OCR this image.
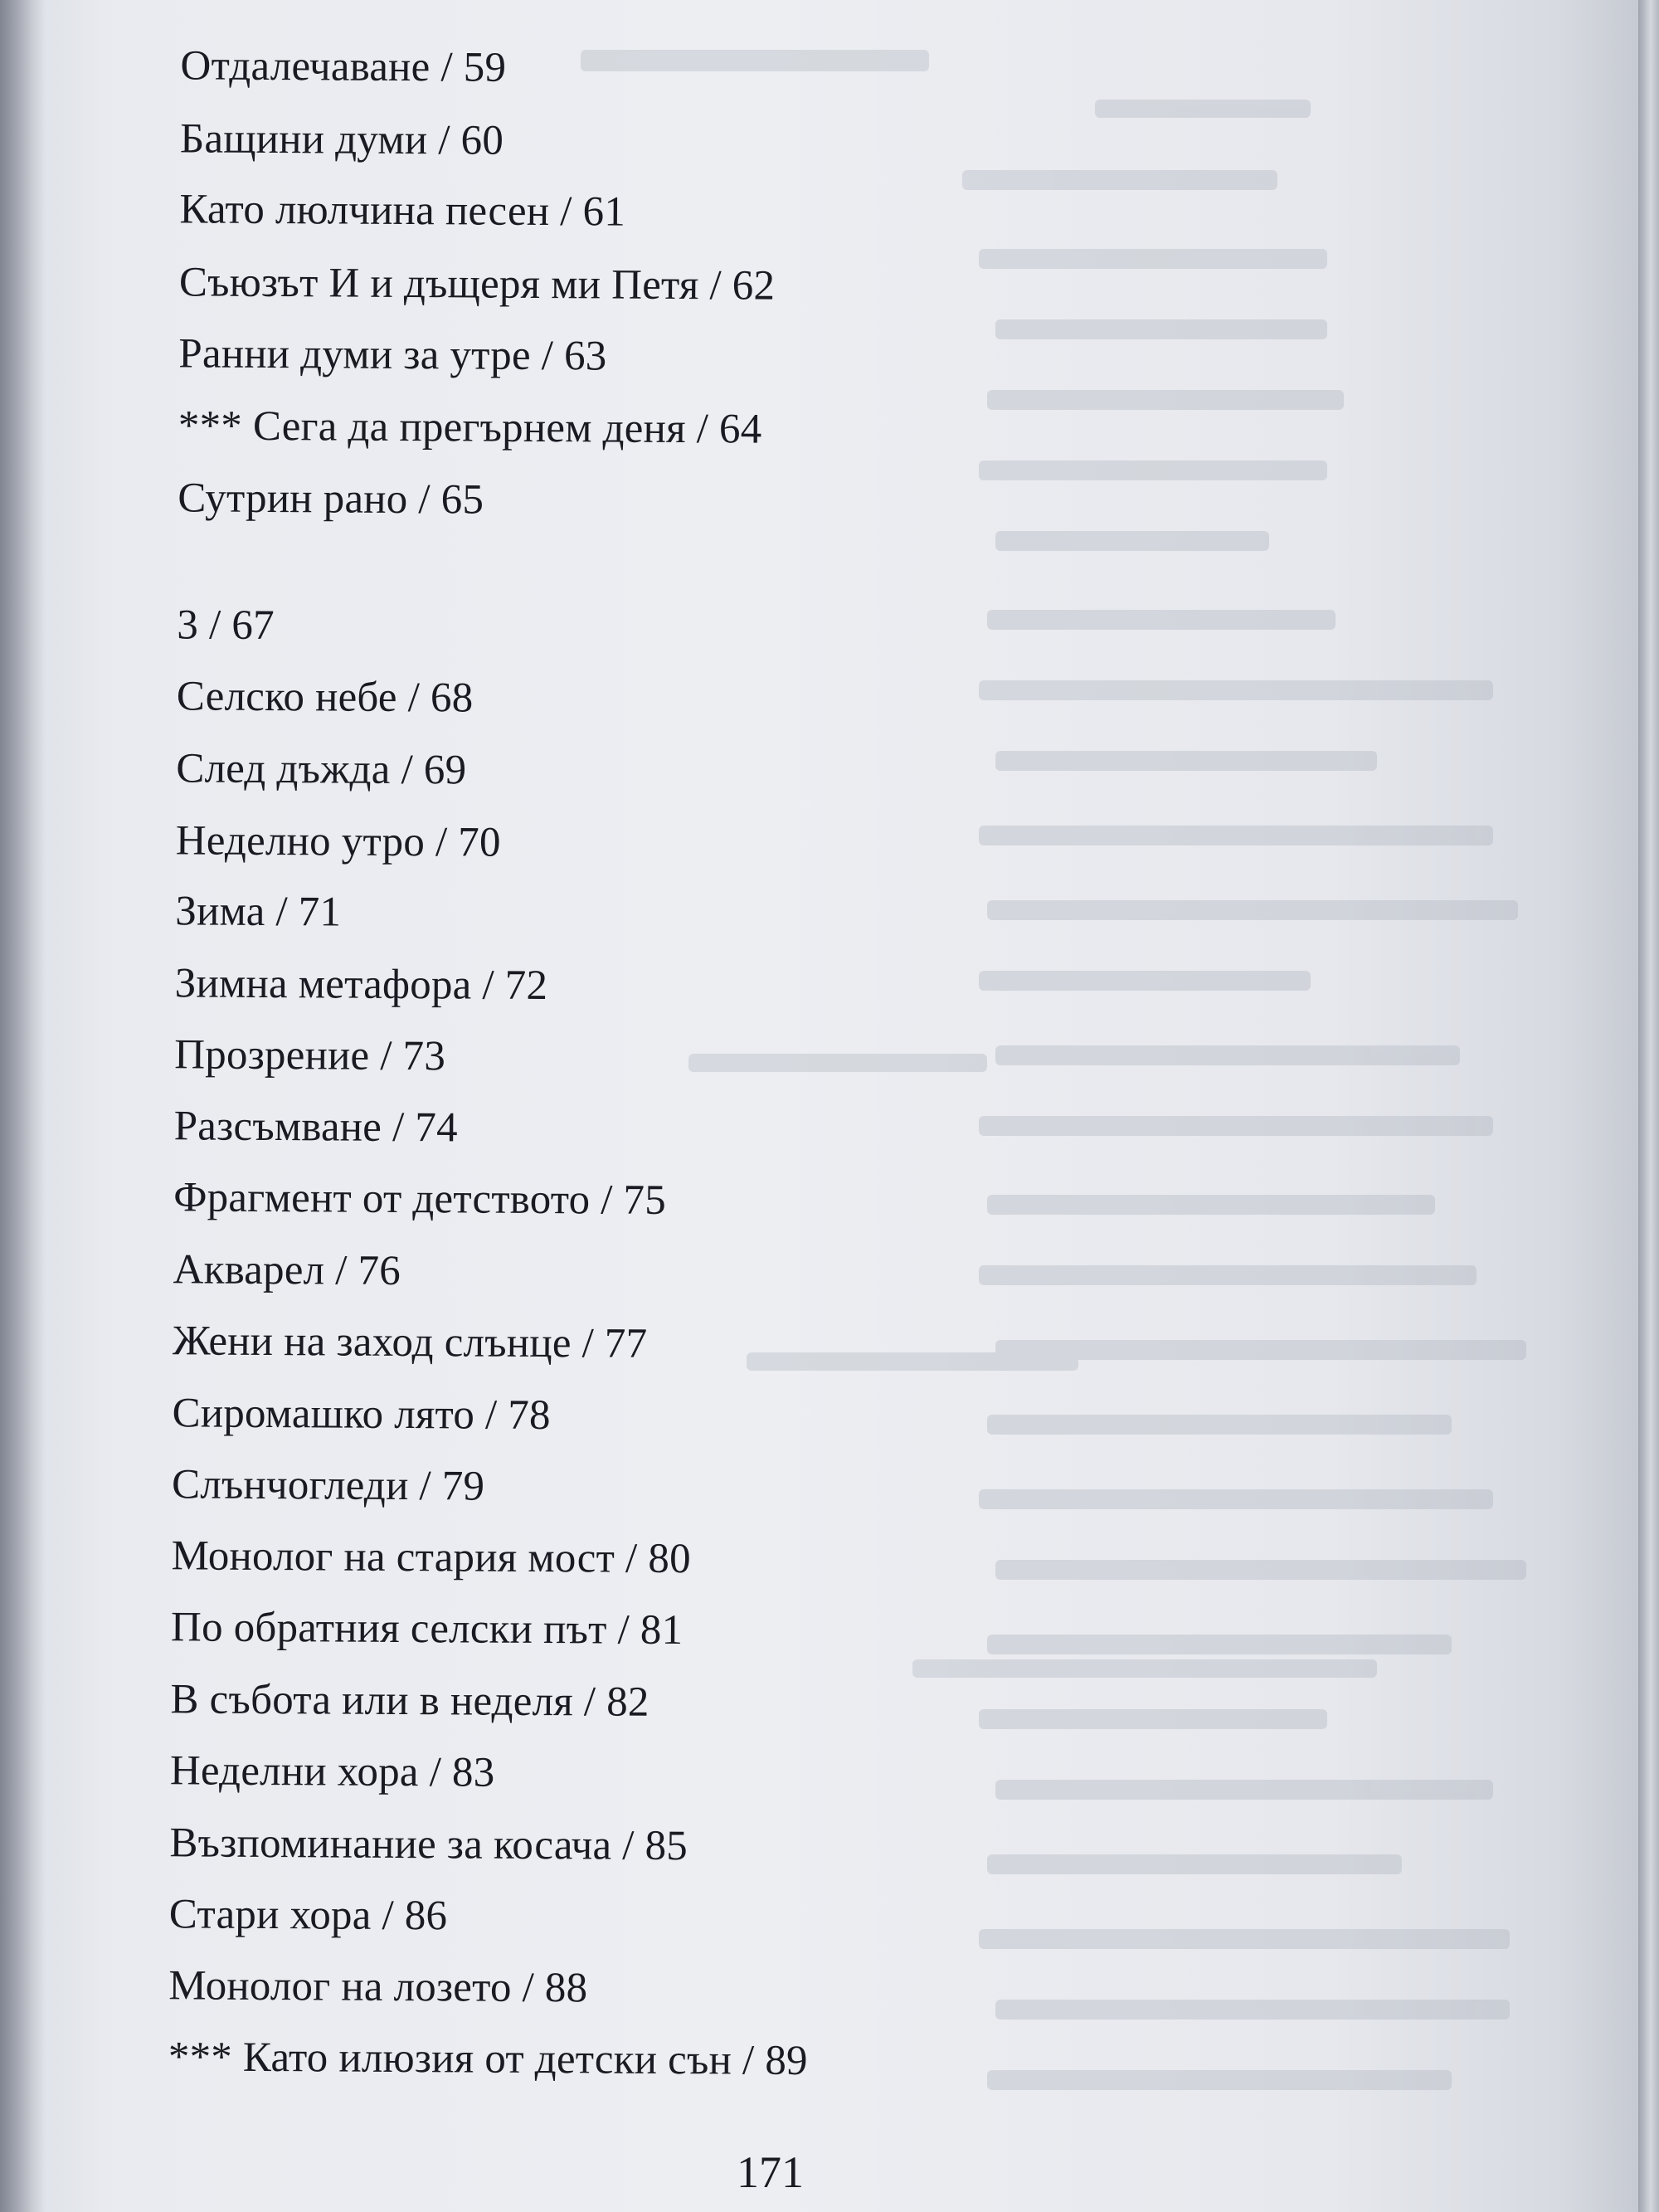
Отдалечаване / 59
Бащини думи / 60
Като люлчина песен / 61
Съюзът И и дъщеря ми Петя / 62
Ранни думи за утре / 63
*** Сега да прегърнем деня / 64
Сутрин рано / 65
3 / 67
Селско небе / 68
След дъжда / 69
Неделно утро / 70
Зима / 71
Зимна метафора / 72
Прозрение / 73
Разсъмване / 74
Фрагмент от детството / 75
Акварел / 76
Жени на заход слънце / 77
Сиромашко лято / 78
Слънчогледи / 79
Монолог на стария мост / 80
По обратния селски път / 81
В събота или в неделя / 82
Неделни хора / 83
Възпоминание за косача / 85
Стари хора / 86
Монолог на лозето / 88
*** Като илюзия от детски сън / 89
171
